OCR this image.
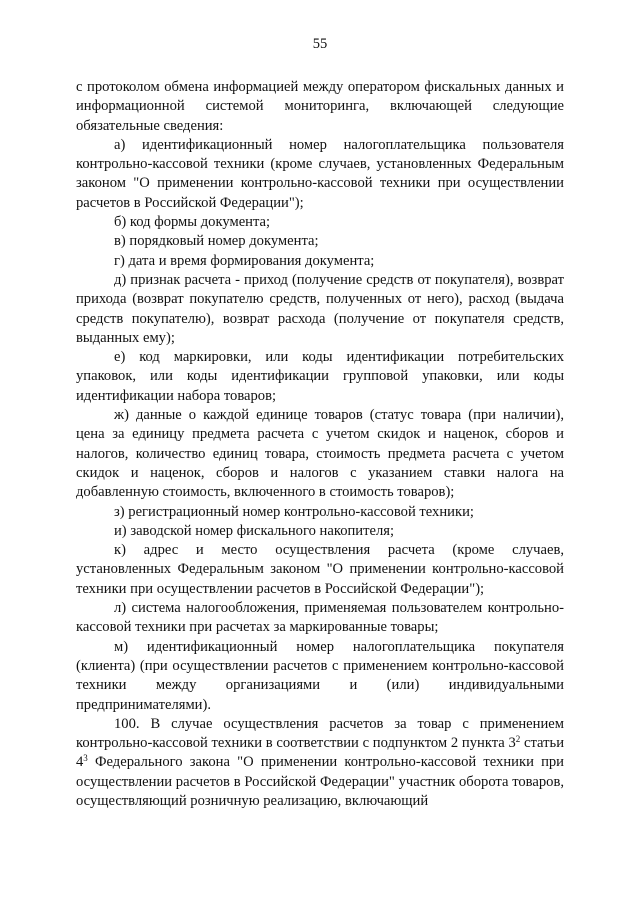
55

с протоколом обмена информацией между оператором фискальных данных и информационной системой мониторинга, включающей следующие обязательные сведения:

а) идентификационный номер налогоплательщика пользователя контрольно-кассовой техники (кроме случаев, установленных Федеральным законом "О применении контрольно-кассовой техники при осуществлении расчетов в Российской Федерации");

б) код формы документа;

в) порядковый номер документа;

г) дата и время формирования документа;

д) признак расчета - приход (получение средств от покупателя), возврат прихода (возврат покупателю средств, полученных от него), расход (выдача средств покупателю), возврат расхода (получение от покупателя средств, выданных ему);

е) код маркировки, или коды идентификации потребительских упаковок, или коды идентификации групповой упаковки, или коды идентификации набора товаров;

ж) данные о каждой единице товаров (статус товара (при наличии), цена за единицу предмета расчета с учетом скидок и наценок, сборов и налогов, количество единиц товара, стоимость предмета расчета с учетом скидок и наценок, сборов и налогов с указанием ставки налога на добавленную стоимость, включенного в стоимость товаров);

з) регистрационный номер контрольно-кассовой техники;

и) заводской номер фискального накопителя;

к) адрес и место осуществления расчета (кроме случаев, установленных Федеральным законом "О применении контрольно-кассовой техники при осуществлении расчетов в Российской Федерации");

л) система налогообложения, применяемая пользователем контрольно-кассовой техники при расчетах за маркированные товары;

м) идентификационный номер налогоплательщика покупателя (клиента) (при осуществлении расчетов с применением контрольно-кассовой техники между организациями и (или) индивидуальными предпринимателями).

100. В случае осуществления расчетов за товар с применением контрольно-кассовой техники в соответствии с подпунктом 2 пункта $3^2$ статьи $4^3$ Федерального закона "О применении контрольно-кассовой техники при осуществлении расчетов в Российской Федерации" участник оборота товаров, осуществляющий розничную реализацию, включающий
